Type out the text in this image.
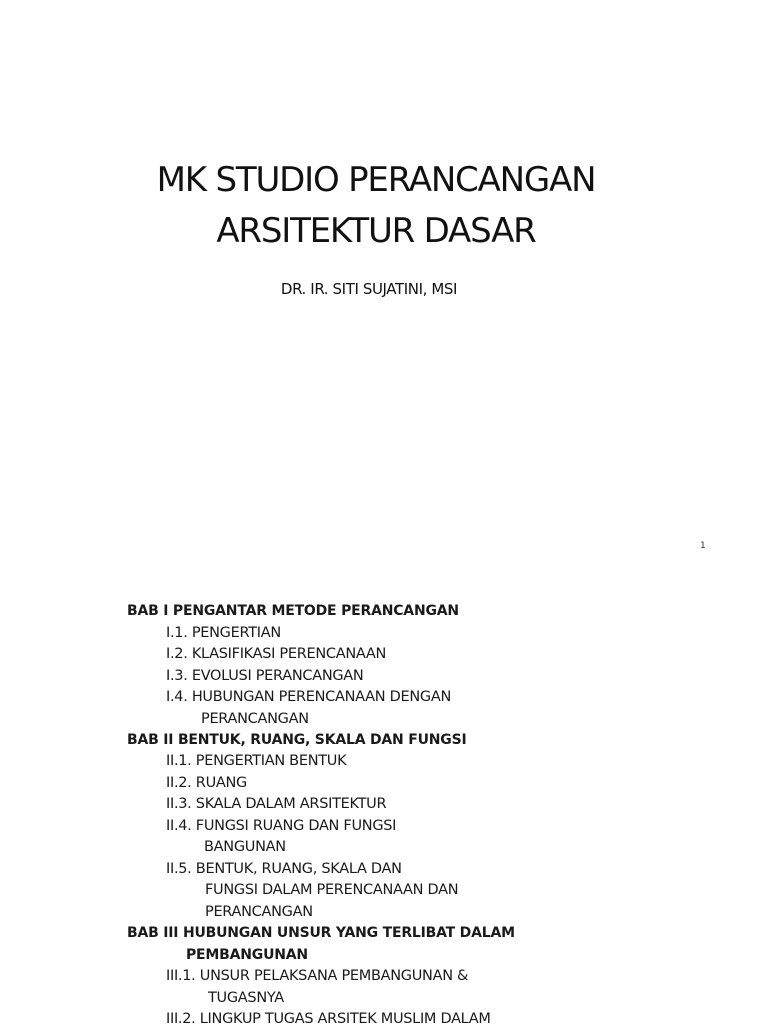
MK STUDIO PERANCANGAN
ARSITEKTUR DASAR
DR. IR. SITI SUJATINI, MSI
1
BAB I PENGANTAR METODE PERANCANGAN
I.1. PENGERTIAN
I.2. KLASIFIKASI PERENCANAAN
I.3. EVOLUSI PERANCANGAN
I.4. HUBUNGAN PERENCANAAN DENGAN
PERANCANGAN
BAB II BENTUK, RUANG, SKALA DAN FUNGSI
II.1. PENGERTIAN BENTUK
II.2. RUANG
II.3. SKALA DALAM ARSITEKTUR
II.4. FUNGSI RUANG DAN FUNGSI
BANGUNAN
II.5. BENTUK, RUANG, SKALA DAN
FUNGSI DALAM PERENCANAAN DAN
PERANCANGAN
BAB III HUBUNGAN UNSUR YANG TERLIBAT DALAM
PEMBANGUNAN
III.1. UNSUR PELAKSANA PEMBANGUNAN &
TUGASNYA
III.2. LINGKUP TUGAS ARSITEK MUSLIM DALAM
